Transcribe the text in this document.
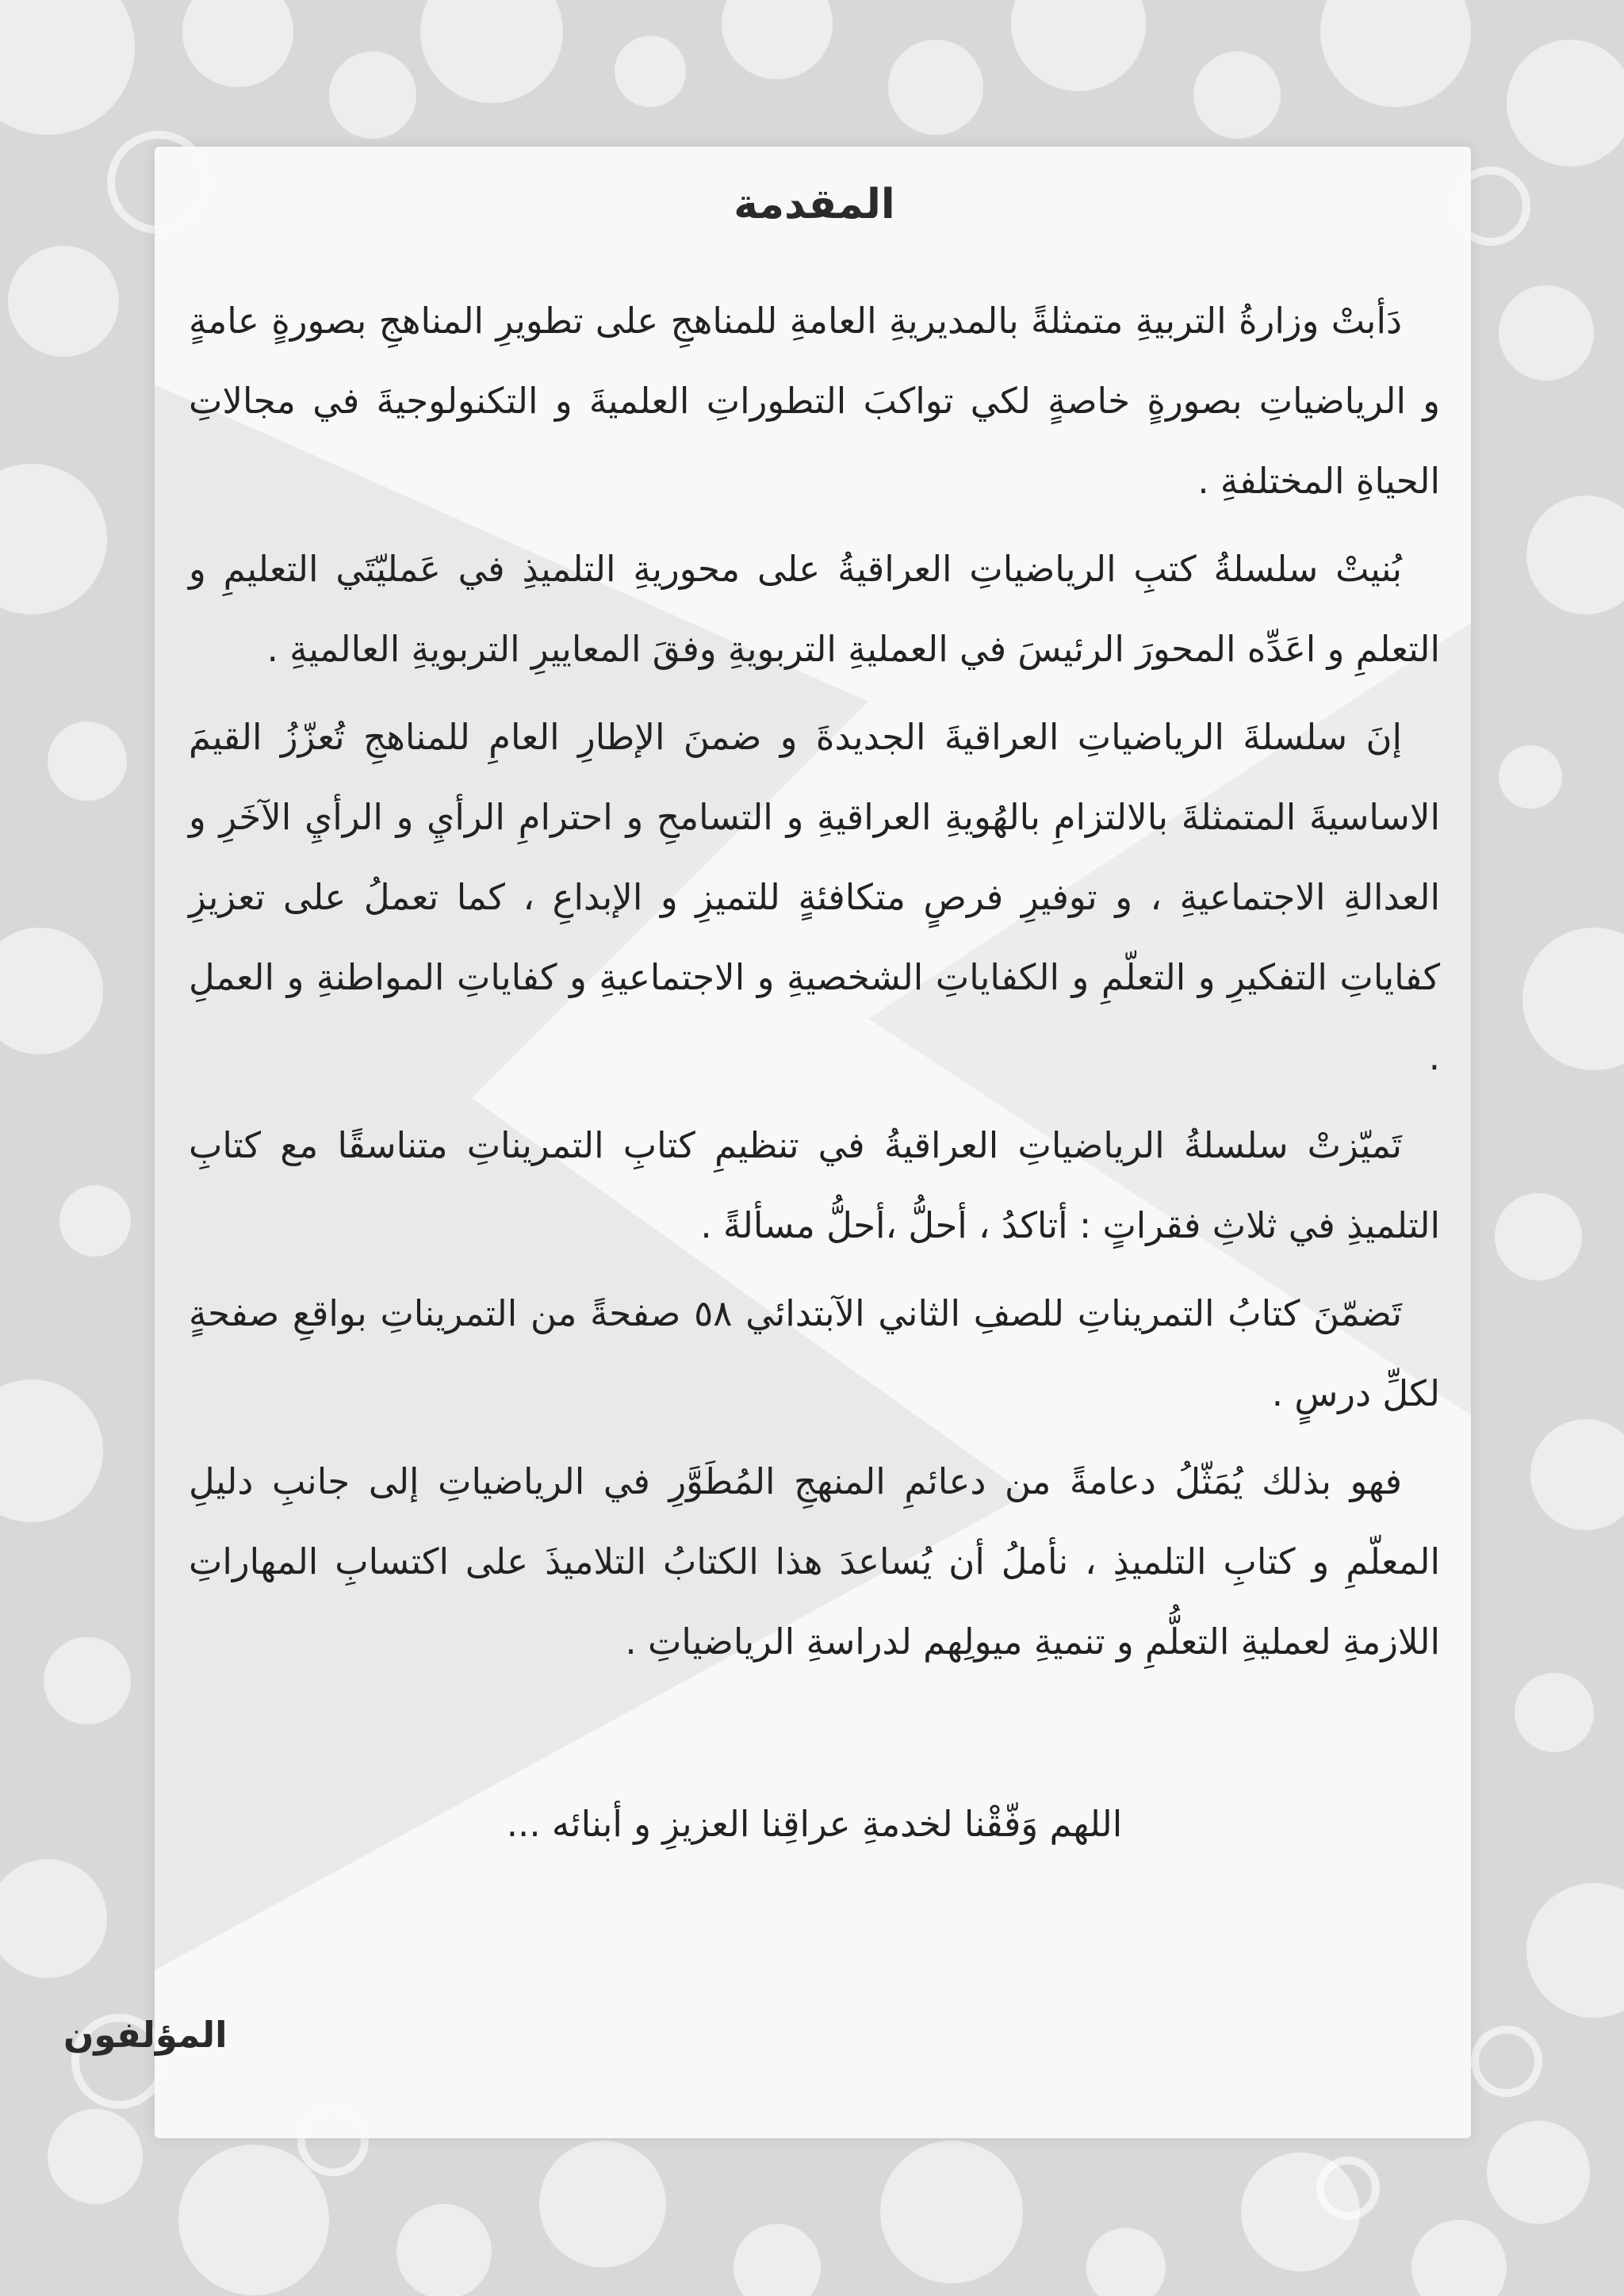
المقدمة

دَأبتْ وزارةُ التربيةِ متمثلةً بالمديريةِ العامةِ للمناهجِ على تطويرِ المناهجِ بصورةٍ عامةٍ و الرياضياتِ بصورةٍ خاصةٍ لكي تواكبَ التطوراتِ العلميةَ و التكنولوجيةَ في مجالاتِ الحياةِ المختلفةِ .

بُنيتْ سلسلةُ كتبِ الرياضياتِ العراقيةُ على محوريةِ التلميذِ في عَمليّتَي التعليمِ و التعلمِ و اعَدِّه المحورَ الرئيسَ في العمليةِ التربويةِ وفقَ المعاييرِ التربويةِ العالميةِ .

إنَ سلسلةَ الرياضياتِ العراقيةَ الجديدةَ و ضمنَ الإطارِ العامِ للمناهجِ تُعزّزُ القيمَ الاساسيةَ المتمثلةَ بالالتزامِ بالهُويةِ العراقيةِ و التسامحِ و احترامِ الرأيِ و الرأيِ الآخَرِ و العدالةِ الاجتماعيةِ ، و توفيرِ فرصٍ متكافئةٍ للتميزِ و الإبداعِ ، كما تعملُ على تعزيزِ كفاياتِ التفكيرِ و التعلّمِ و الكفاياتِ الشخصيةِ و الاجتماعيةِ و كفاياتِ المواطنةِ و العملِ .

تَميّزتْ سلسلةُ الرياضياتِ العراقيةُ في تنظيمِ كتابِ التمريناتِ متناسقًا مع كتابِ التلميذِ في ثلاثِ فقراتٍ : أتاكدُ ، أحلُّ ،أحلُّ مسألةً .

تَضمّنَ كتابُ التمريناتِ للصفِ الثاني الآبتدائي ٥٨ صفحةً من التمريناتِ بواقعِ صفحةٍ لكلِّ درسٍ .

فهو بذلك يُمَثّلُ دعامةً من دعائمِ المنهجِ المُطَوَّرِ في الرياضياتِ إلى جانبِ دليلِ المعلّمِ و كتابِ التلميذِ ، نأملُ أن يُساعدَ هذا الكتابُ التلاميذَ على اكتسابِ المهاراتِ اللازمةِ لعمليةِ التعلُّمِ و تنميةِ ميولِهم لدراسةِ الرياضياتِ .

اللهم وَفّقْنا لخدمةِ عراقِنا العزيزِ و أبنائه ...
المؤلفون
